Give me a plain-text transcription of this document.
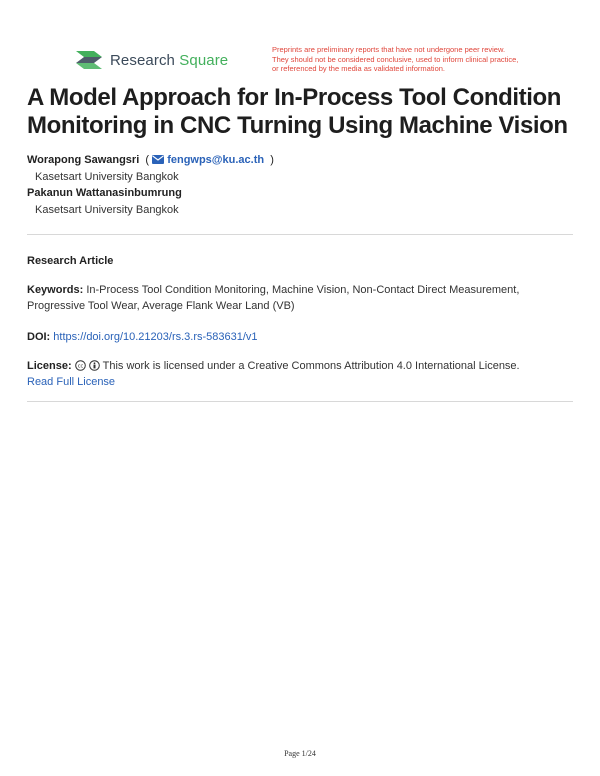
Research Square
Preprints are preliminary reports that have not undergone peer review.
They should not be considered conclusive, used to inform clinical practice,
or referenced by the media as validated information.
A Model Approach for In-Process Tool Condition Monitoring in CNC Turning Using Machine Vision
Worapong Sawangsri  ( fengwps@ku.ac.th  )
Kasetsart University Bangkok
Pakanun Wattanasinbumrung
Kasetsart University Bangkok
Research Article
Keywords: In-Process Tool Condition Monitoring, Machine Vision, Non-Contact Direct Measurement, Progressive Tool Wear, Average Flank Wear Land (VB)
DOI: https://doi.org/10.21203/rs.3.rs-583631/v1
License: cc This work is licensed under a Creative Commons Attribution 4.0 International License.
Read Full License
Page 1/24
